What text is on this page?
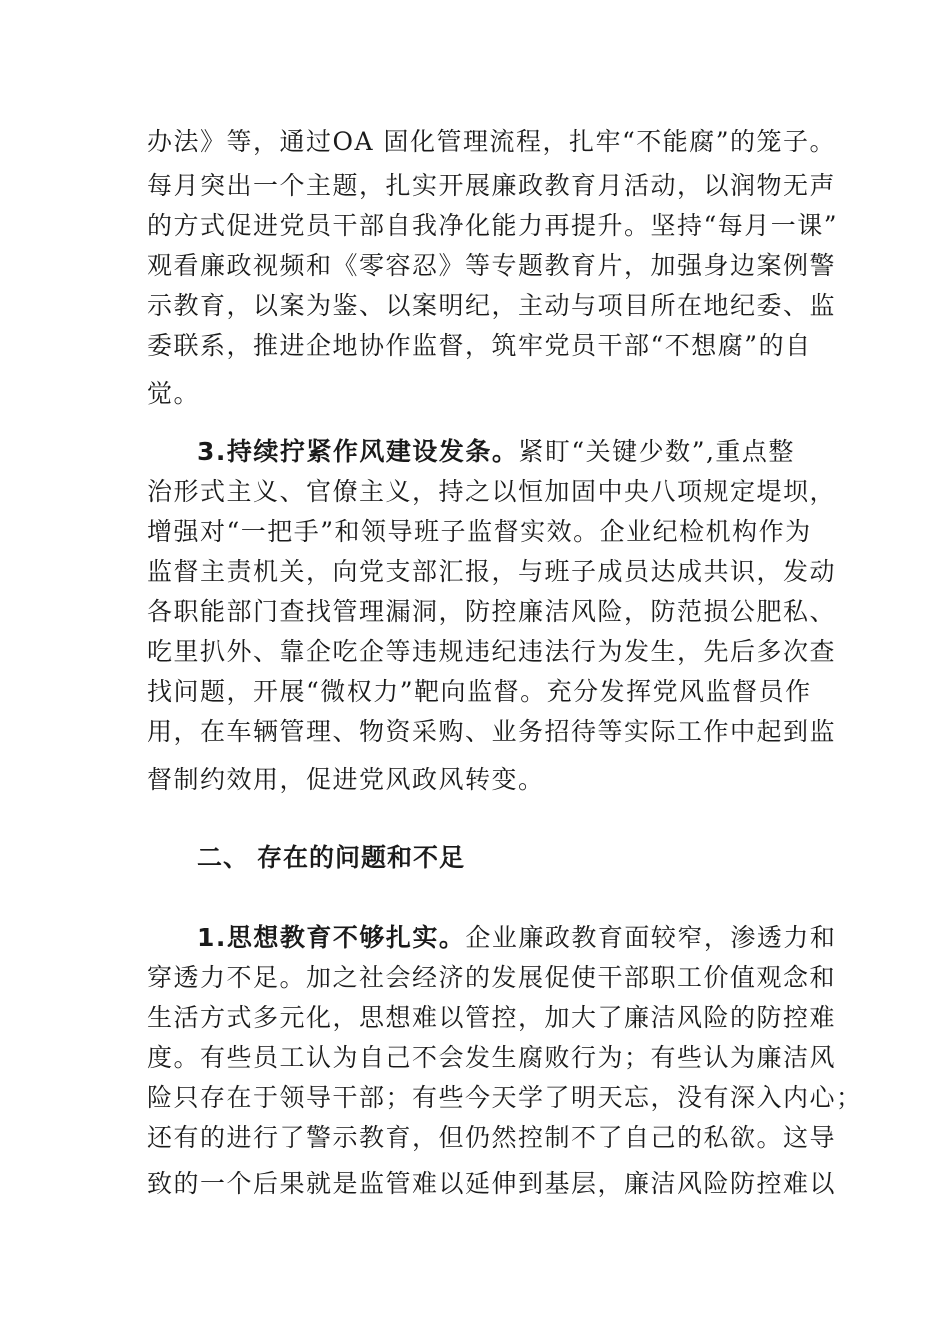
办法》等，通过OA 固化管理流程，扎牢“不能腐”的笼子。
每月突出一个主题，扎实开展廉政教育月活动，以润物无声
的方式促进党员干部自我净化能力再提升。坚持“每月一课”
观看廉政视频和《零容忍》等专题教育片，加强身边案例警
示教育，以案为鉴、以案明纪，主动与项目所在地纪委、监
委联系，推进企地协作监督，筑牢党员干部“不想腐”的自
觉。
3.持续拧紧作风建设发条。紧盯“关键少数”,重点整
治形式主义、官僚主义，持之以恒加固中央八项规定堤坝，
增强对“一把手”和领导班子监督实效。企业纪检机构作为
监督主责机关，向党支部汇报，与班子成员达成共识，发动
各职能部门查找管理漏洞，防控廉洁风险，防范损公肥私、
吃里扒外、靠企吃企等违规违纪违法行为发生，先后多次查
找问题，开展“微权力”靶向监督。充分发挥党风监督员作
用，在车辆管理、物资采购、业务招待等实际工作中起到监
督制约效用，促进党风政风转变。
二、 存在的问题和不足
1.思想教育不够扎实。企业廉政教育面较窄，渗透力和
穿透力不足。加之社会经济的发展促使干部职工价值观念和
生活方式多元化，思想难以管控，加大了廉洁风险的防控难
度。有些员工认为自己不会发生腐败行为；有些认为廉洁风
险只存在于领导干部；有些今天学了明天忘，没有深入内心；
还有的进行了警示教育，但仍然控制不了自己的私欲。这导
致的一个后果就是监管难以延伸到基层，廉洁风险防控难以
